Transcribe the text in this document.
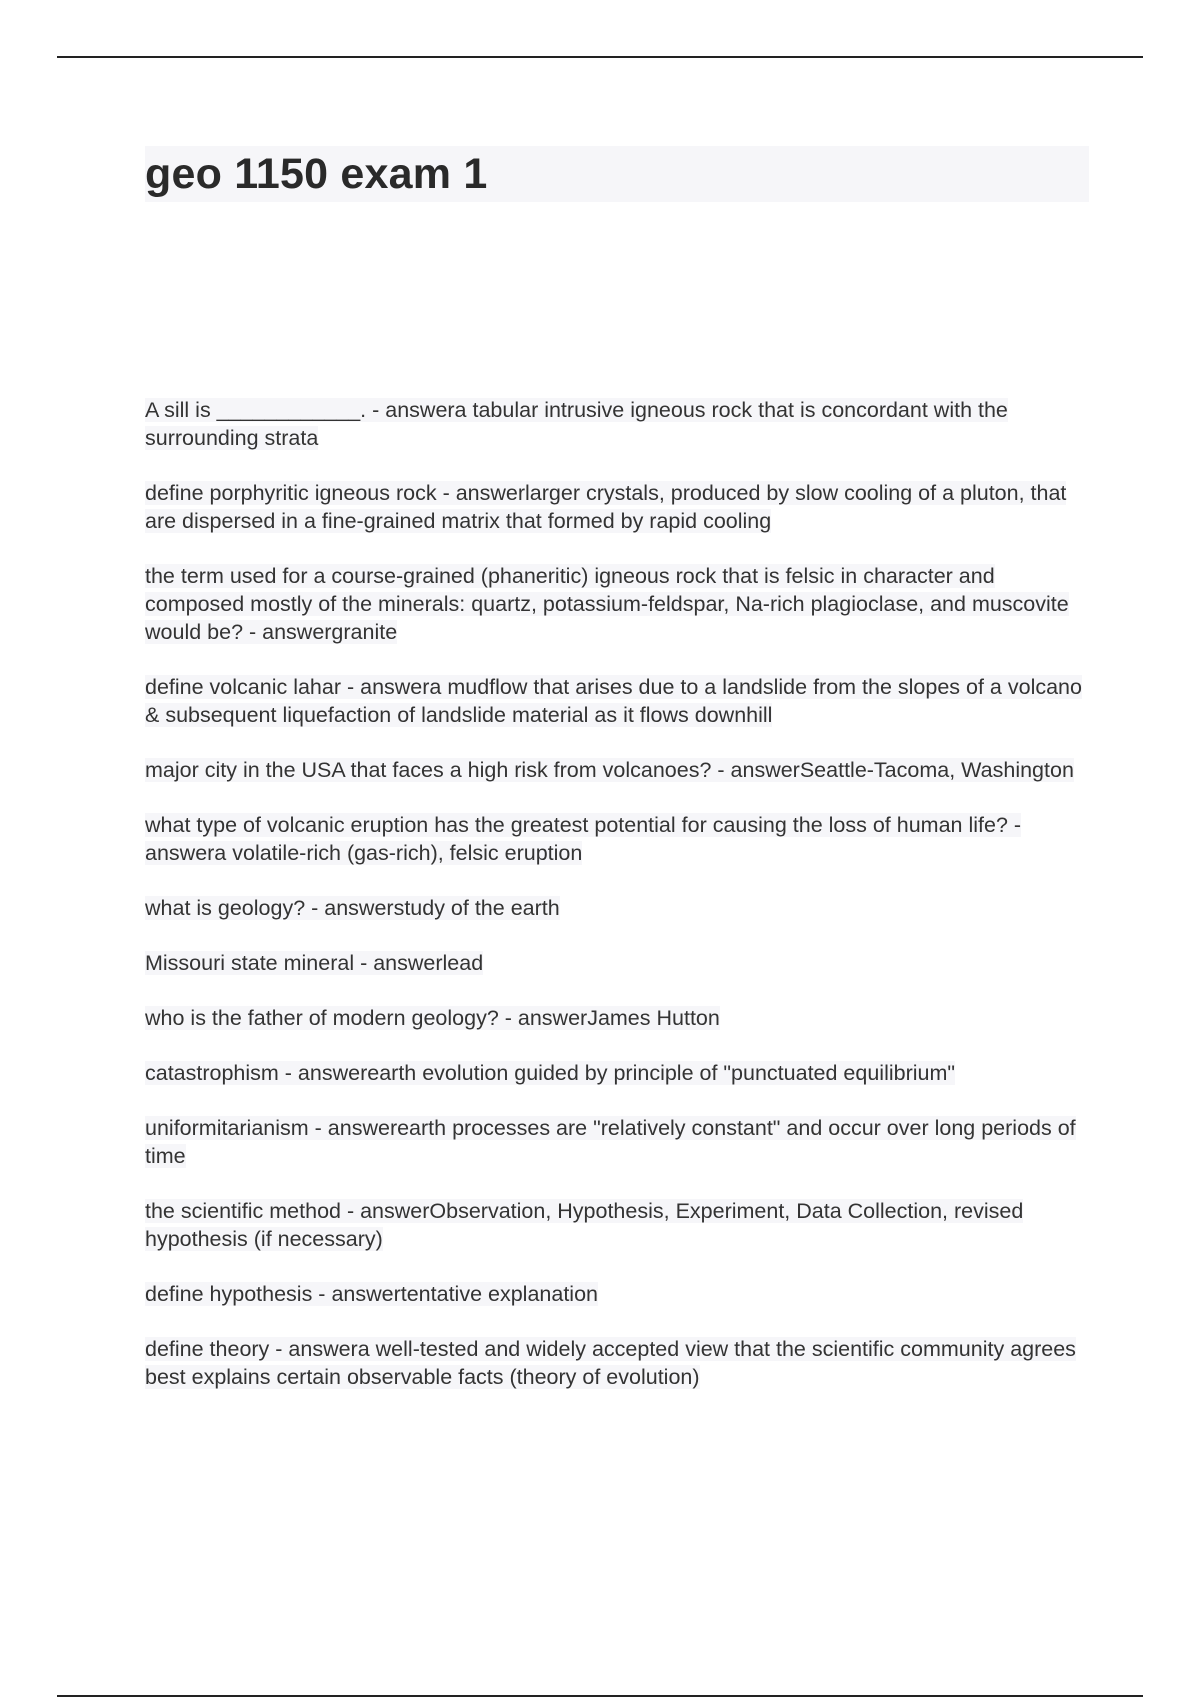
geo 1150 exam 1

A sill is ____________. - answera tabular intrusive igneous rock that is concordant with the surrounding strata

define porphyritic igneous rock - answerlarger crystals, produced by slow cooling of a pluton, that are dispersed in a fine-grained matrix that formed by rapid cooling

the term used for a course-grained (phaneritic) igneous rock that is felsic in character and composed mostly of the minerals: quartz, potassium-feldspar, Na-rich plagioclase, and muscovite would be? - answergranite

define volcanic lahar - answera mudflow that arises due to a landslide from the slopes of a volcano & subsequent liquefaction of landslide material as it flows downhill

major city in the USA that faces a high risk from volcanoes? - answerSeattle-Tacoma, Washington

what type of volcanic eruption has the greatest potential for causing the loss of human life? - answera volatile-rich (gas-rich), felsic eruption

what is geology? - answerstudy of the earth

Missouri state mineral - answerlead

who is the father of modern geology? - answerJames Hutton

catastrophism - answerearth evolution guided by principle of "punctuated equilibrium"

uniformitarianism - answerearth processes are "relatively constant" and occur over long periods of time

the scientific method - answerObservation, Hypothesis, Experiment, Data Collection, revised hypothesis (if necessary)

define hypothesis - answertentative explanation

define theory - answera well-tested and widely accepted view that the scientific community agrees best explains certain observable facts (theory of evolution)
